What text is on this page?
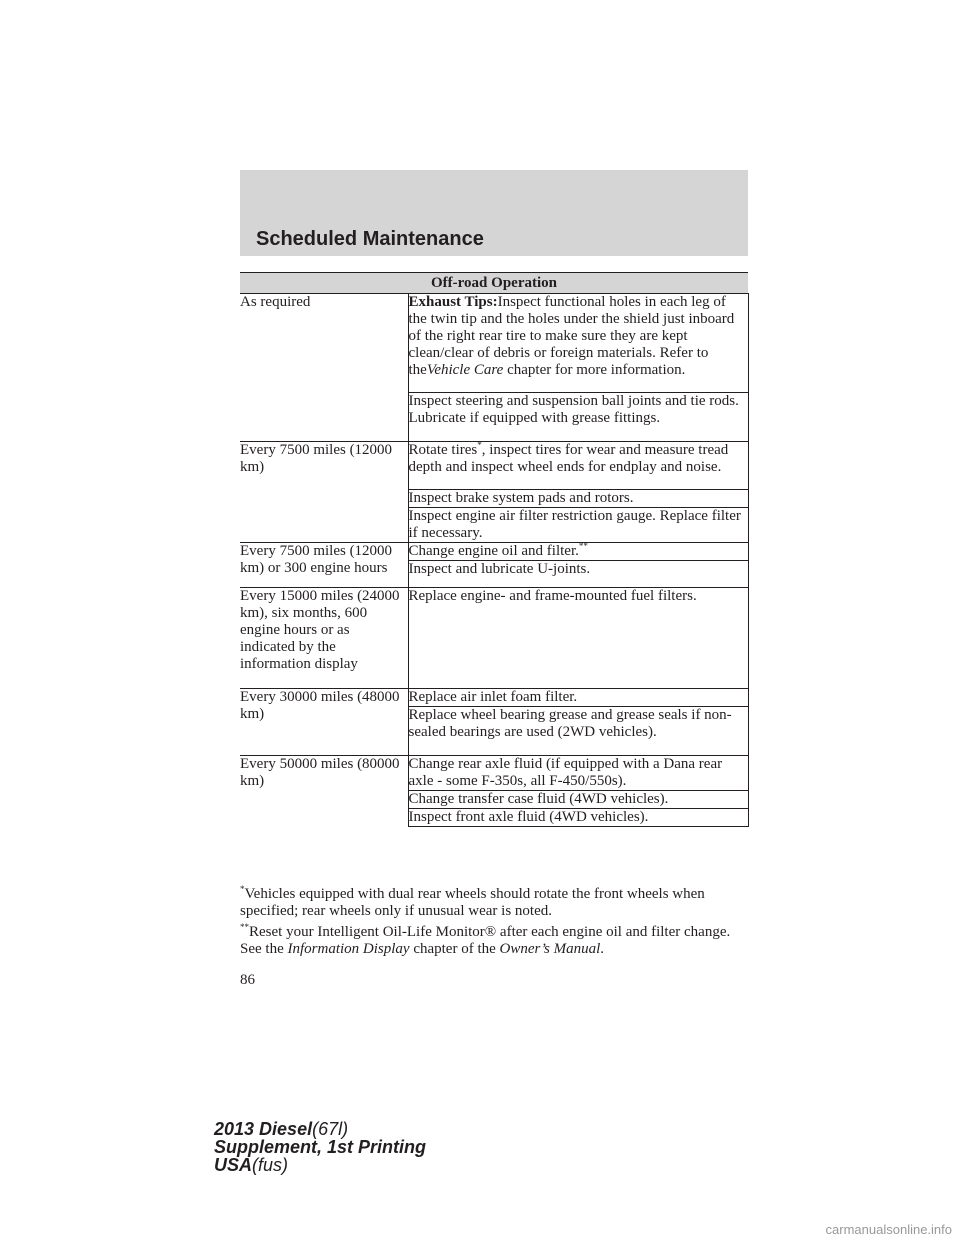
Scheduled Maintenance
Off-road Operation	
As required	Exhaust Tips:Inspect functional holes in each leg of the twin tip and the holes under the shield just inboard of the right rear tire to make sure they are kept clean/clear of debris or foreign materials. Refer to theVehicle Care chapter for more information.
	Inspect steering and suspension ball joints and tie rods. Lubricate if equipped with grease fittings.
Every 7500 miles (12000 km)	Rotate tires*, inspect tires for wear and measure tread depth and inspect wheel ends for endplay and noise.
	Inspect brake system pads and rotors.
	Inspect engine air filter restriction gauge. Replace filter if necessary.
Every 7500 miles (12000 km) or 300 engine hours	Change engine oil and filter.**
	Inspect and lubricate U-joints.
Every 15000 miles (24000 km), six months, 600 engine hours or as indicated by the information display	Replace engine- and frame-mounted fuel filters.
Every 30000 miles (48000 km)	Replace air inlet foam filter.
	Replace wheel bearing grease and grease seals if non-sealed bearings are used (2WD vehicles).
Every 50000 miles (80000 km)	Change rear axle fluid (if equipped with a Dana rear axle - some F-350s, all F-450/550s).
	Change transfer case fluid (4WD vehicles).
	Inspect front axle fluid (4WD vehicles).

*Vehicles equipped with dual rear wheels should rotate the front wheels when specified; rear wheels only if unusual wear is noted.

**Reset your Intelligent Oil-Life Monitor® after each engine oil and filter change. See the Information Display chapter of the Owner’s Manual.

86
2013 Diesel(67l)
Supplement, 1st Printing
USA(fus)
carmanualsonline.info
